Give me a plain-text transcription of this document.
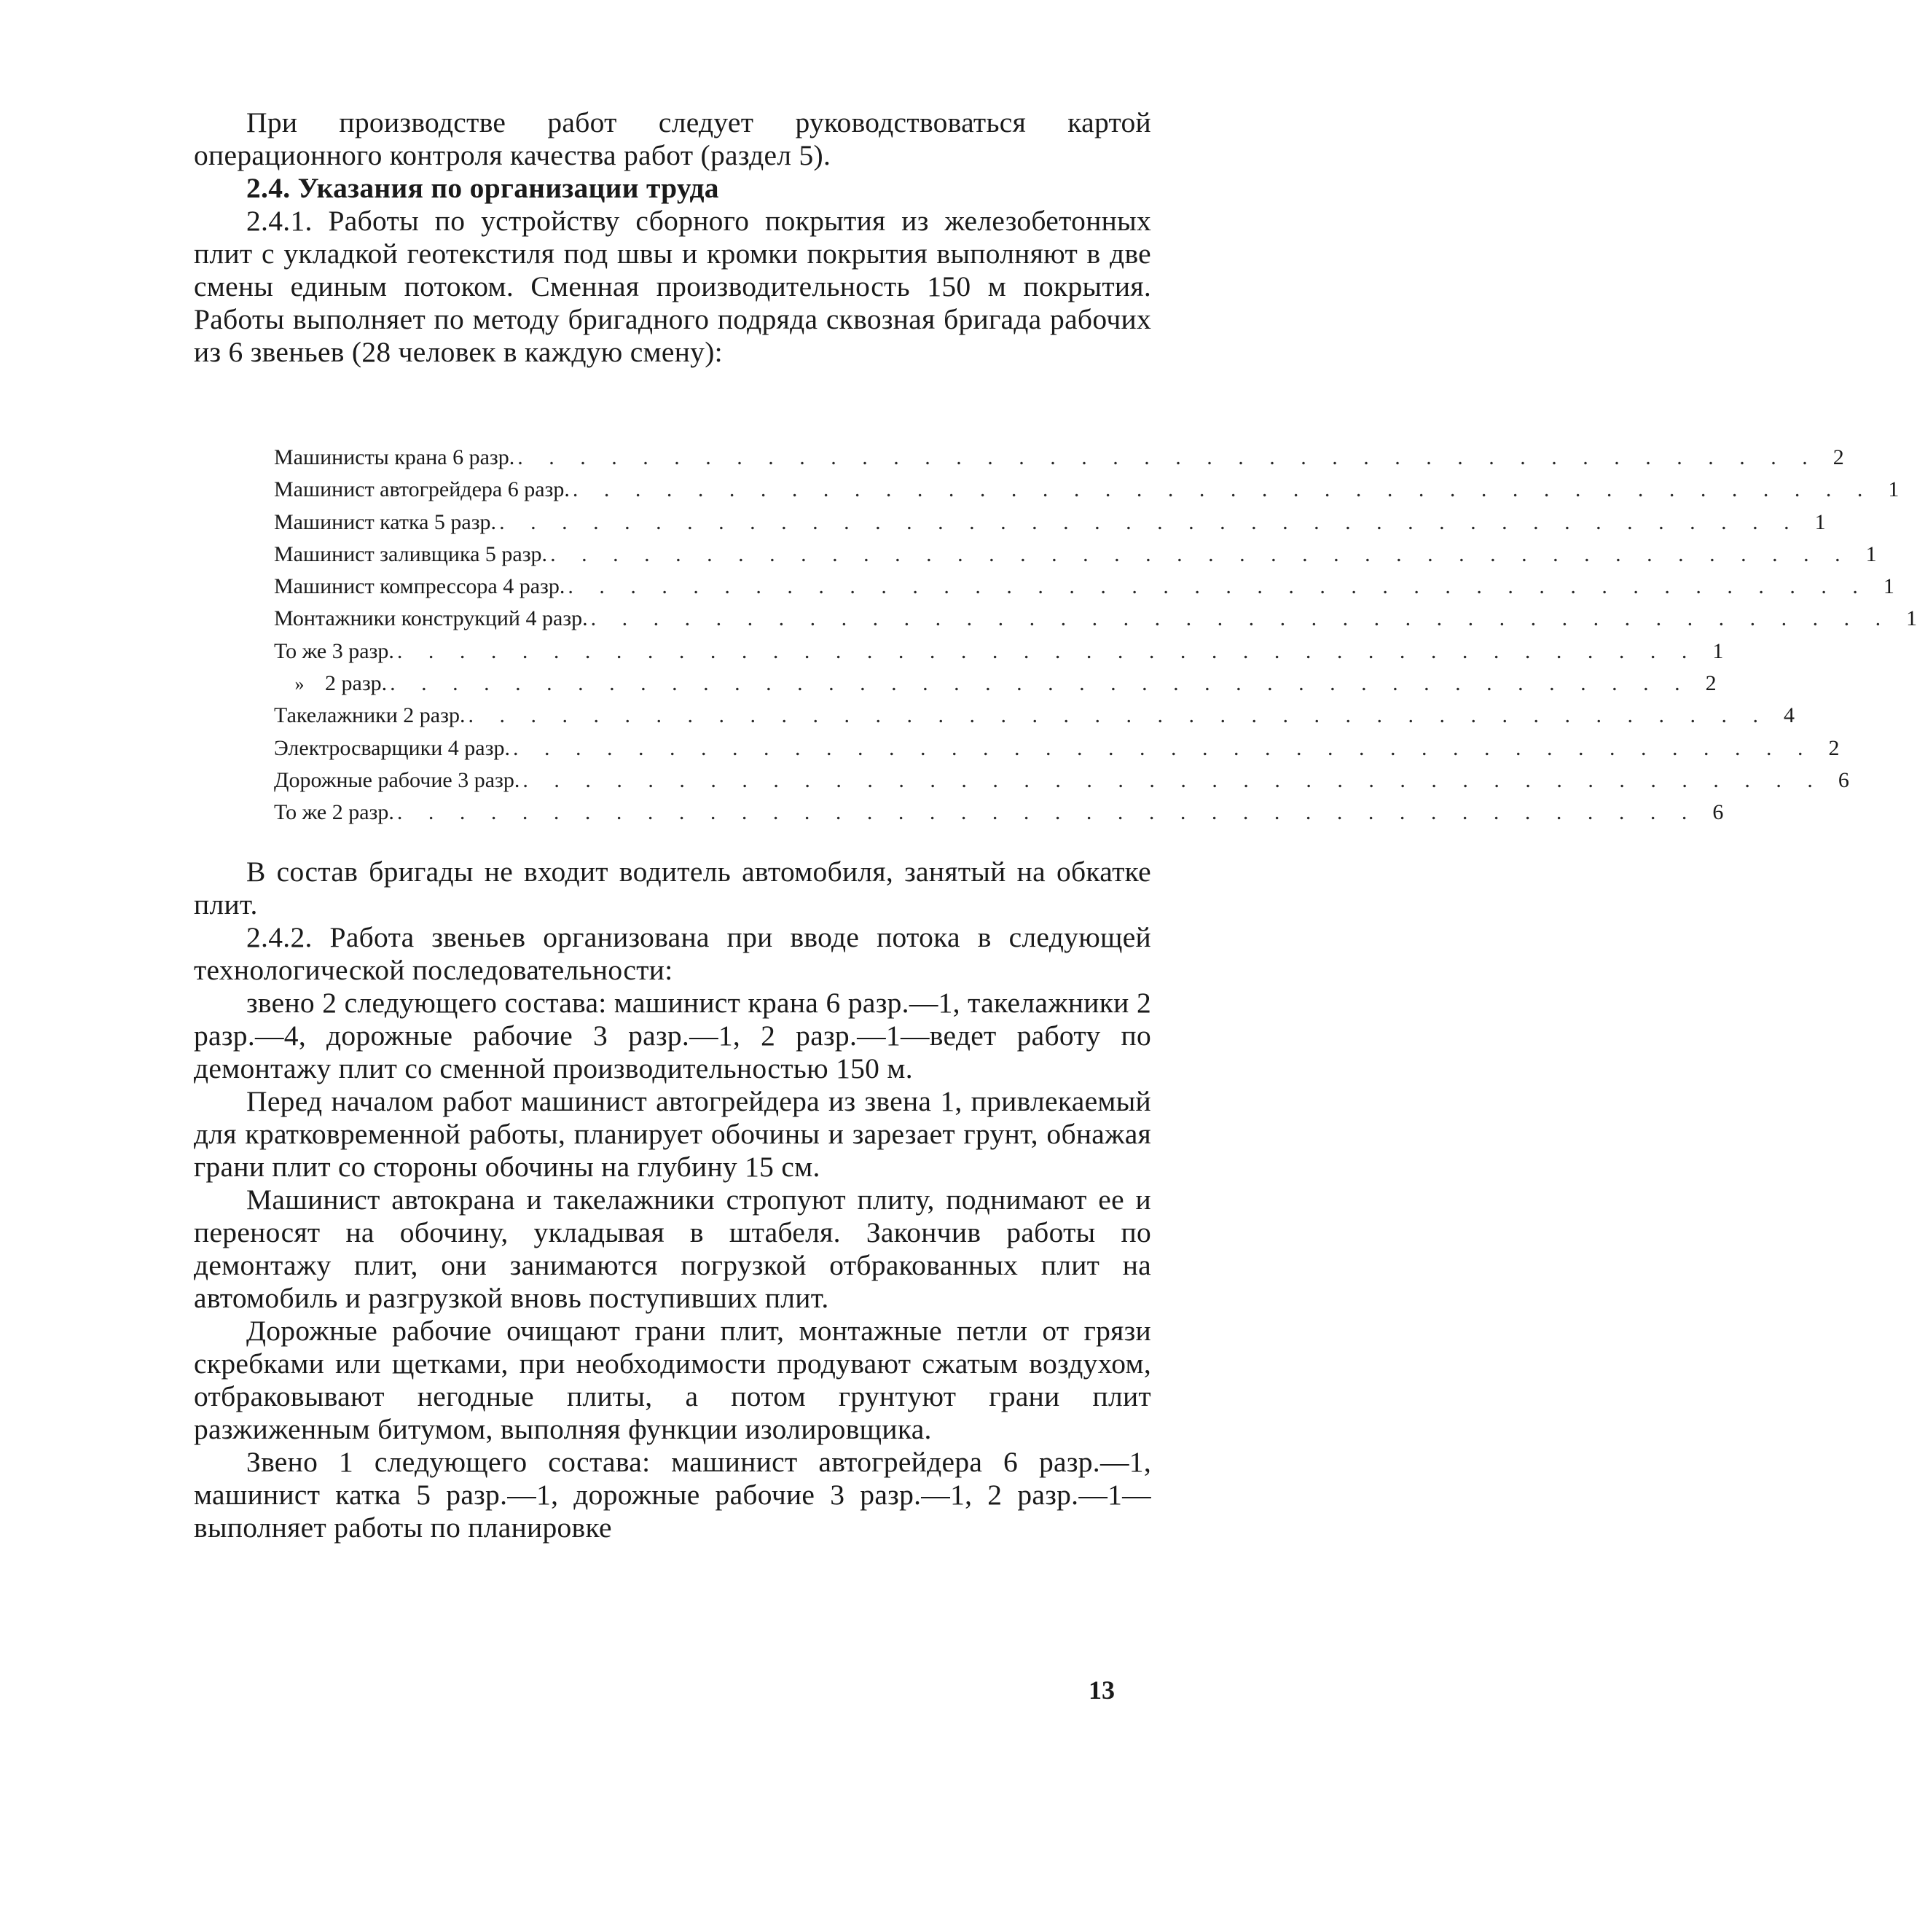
При производстве работ следует руководствоваться картой операционного контроля качества работ (раздел 5).

2.4. Указания по организации труда

2.4.1. Работы по устройству сборного покрытия из железобетонных плит с укладкой геотекстиля под швы и кромки покрытия выполняют в две смены единым потоком. Сменная производительность 150 м покрытия. Работы выполняет по методу бригадного подряда сквозная бригада рабочих из 6 звеньев (28 человек в каждую смену):

Машинисты крана 6 разр. . . . . . . . . . . . . . . . . . . . . . . . . . . . . . . . . . . . . . . . . . . 2
Машинист автогрейдера 6 разр. . . . . . . . . . . . . . . . . . . . . . . . . . . . . . . . . . . . . . . . . . . 1
Машинист катка 5 разр. . . . . . . . . . . . . . . . . . . . . . . . . . . . . . . . . . . . . . . . . . . 1
Машинист заливщика 5 разр. . . . . . . . . . . . . . . . . . . . . . . . . . . . . . . . . . . . . . . . . . . 1
Машинист компрессора 4 разр. . . . . . . . . . . . . . . . . . . . . . . . . . . . . . . . . . . . . . . . . . . 1
Монтажники конструкций 4 разр. . . . . . . . . . . . . . . . . . . . . . . . . . . . . . . . . . . . . . . . . . . 1
То же 3 разр. . . . . . . . . . . . . . . . . . . . . . . . . . . . . . . . . . . . . . . . . . . 1
» 2 разр. . . . . . . . . . . . . . . . . . . . . . . . . . . . . . . . . . . . . . . . . . . 2
Такелажники 2 разр. . . . . . . . . . . . . . . . . . . . . . . . . . . . . . . . . . . . . . . . . . . 4
Электросварщики 4 разр. . . . . . . . . . . . . . . . . . . . . . . . . . . . . . . . . . . . . . . . . . . 2
Дорожные рабочие 3 разр. . . . . . . . . . . . . . . . . . . . . . . . . . . . . . . . . . . . . . . . . . . 6
То же 2 разр. . . . . . . . . . . . . . . . . . . . . . . . . . . . . . . . . . . . . . . . . . . 6

В состав бригады не входит водитель автомобиля, занятый на обкатке плит.

2.4.2. Работа звеньев организована при вводе потока в следующей технологической последовательности:

звено 2 следующего состава: машинист крана 6 разр.—1, такелажники 2 разр.—4, дорожные рабочие 3 разр.—1, 2 разр.—1—ведет работу по демонтажу плит со сменной производительностью 150 м.

Перед началом работ машинист автогрейдера из звена 1, привлекаемый для кратковременной работы, планирует обочины и зарезает грунт, обнажая грани плит со стороны обочины на глубину 15 см.

Машинист автокрана и такелажники стропуют плиту, поднимают ее и переносят на обочину, укладывая в штабеля. Закончив работы по демонтажу плит, они занимаются погрузкой отбракованных плит на автомобиль и разгрузкой вновь поступивших плит.

Дорожные рабочие очищают грани плит, монтажные петли от грязи скребками или щетками, при необходимости продувают сжатым воздухом, отбраковывают негодные плиты, а потом грунтуют грани плит разжиженным битумом, выполняя функции изолировщика.

Звено 1 следующего состава: машинист автогрейдера 6 разр.—1, машинист катка 5 разр.—1, дорожные рабочие 3 разр.—1, 2 разр.—1—выполняет работы по планировке

13
